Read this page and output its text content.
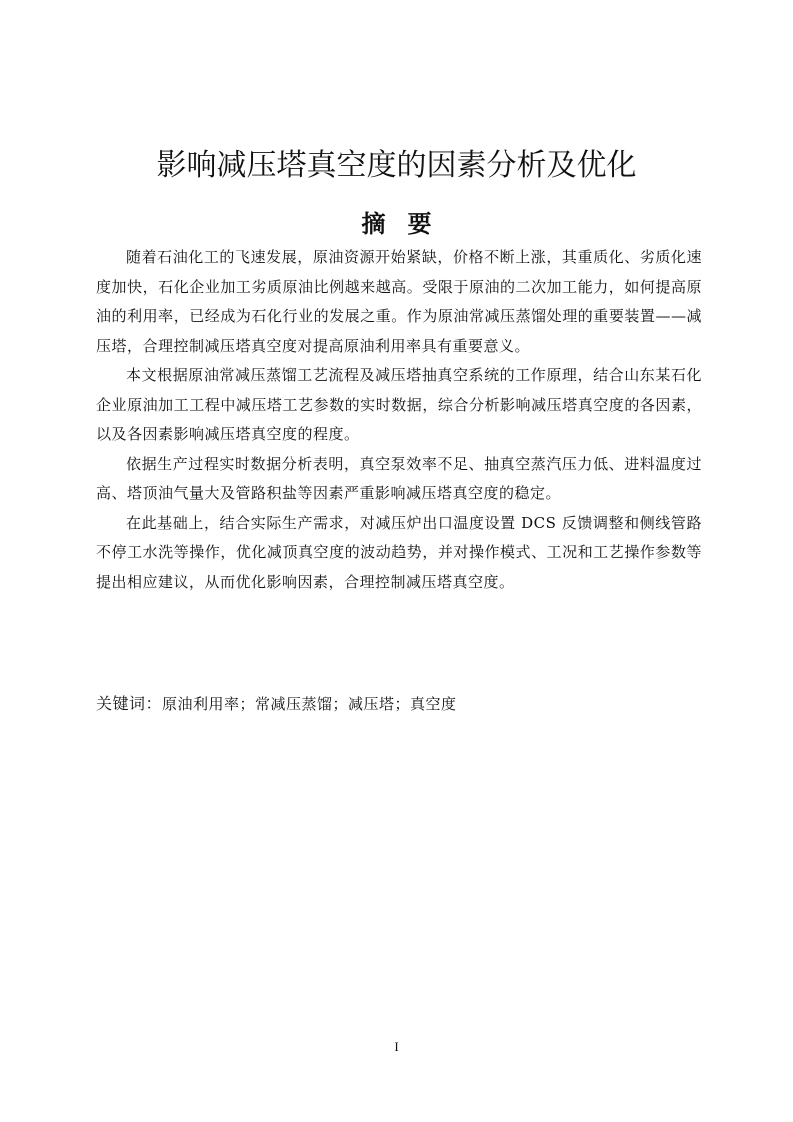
影响减压塔真空度的因素分析及优化
摘要

随着石油化工的飞速发展，原油资源开始紧缺，价格不断上涨，其重质化、劣质化速度加快，石化企业加工劣质原油比例越来越高。受限于原油的二次加工能力，如何提高原油的利用率，已经成为石化行业的发展之重。作为原油常减压蒸馏处理的重要装置——减压塔，合理控制减压塔真空度对提高原油利用率具有重要意义。

本文根据原油常减压蒸馏工艺流程及减压塔抽真空系统的工作原理，结合山东某石化企业原油加工工程中减压塔工艺参数的实时数据，综合分析影响减压塔真空度的各因素，以及各因素影响减压塔真空度的程度。

依据生产过程实时数据分析表明，真空泵效率不足、抽真空蒸汽压力低、进料温度过高、塔顶油气量大及管路积盐等因素严重影响减压塔真空度的稳定。

在此基础上，结合实际生产需求，对减压炉出口温度设置 DCS 反馈调整和侧线管路不停工水洗等操作，优化减顶真空度的波动趋势，并对操作模式、工况和工艺操作参数等提出相应建议，从而优化影响因素，合理控制减压塔真空度。

关键词：原油利用率；常减压蒸馏；减压塔；真空度

I
